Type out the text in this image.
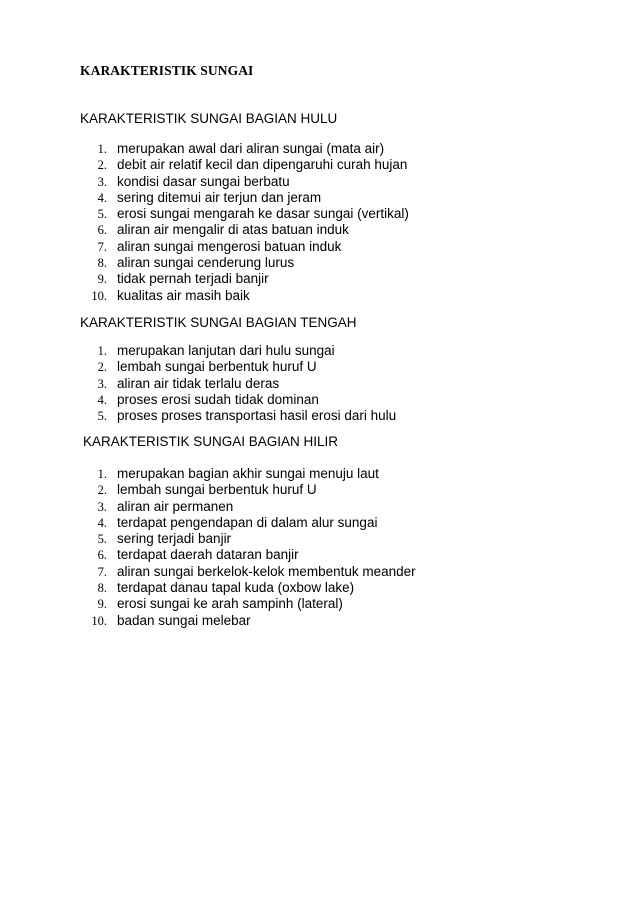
KARAKTERISTIK SUNGAI
KARAKTERISTIK SUNGAI BAGIAN HULU
1. merupakan awal dari aliran sungai (mata air)
2. debit air relatif kecil dan dipengaruhi curah hujan
3. kondisi dasar sungai berbatu
4. sering ditemui air terjun dan jeram
5. erosi sungai mengarah ke dasar sungai (vertikal)
6. aliran air mengalir di atas batuan induk
7. aliran sungai mengerosi batuan induk
8. aliran sungai cenderung lurus
9. tidak pernah terjadi banjir
10. kualitas air masih baik
KARAKTERISTIK SUNGAI BAGIAN TENGAH
1. merupakan lanjutan dari hulu sungai
2. lembah sungai berbentuk huruf U
3. aliran air tidak terlalu deras
4. proses erosi sudah tidak dominan
5. proses proses transportasi hasil erosi dari hulu
KARAKTERISTIK SUNGAI BAGIAN HILIR
1. merupakan bagian akhir sungai menuju laut
2. lembah sungai berbentuk huruf U
3. aliran air permanen
4. terdapat pengendapan di dalam alur sungai
5. sering terjadi banjir
6. terdapat daerah dataran banjir
7. aliran sungai berkelok-kelok membentuk meander
8. terdapat danau tapal kuda (oxbow lake)
9. erosi sungai ke arah sampinh (lateral)
10. badan sungai melebar
